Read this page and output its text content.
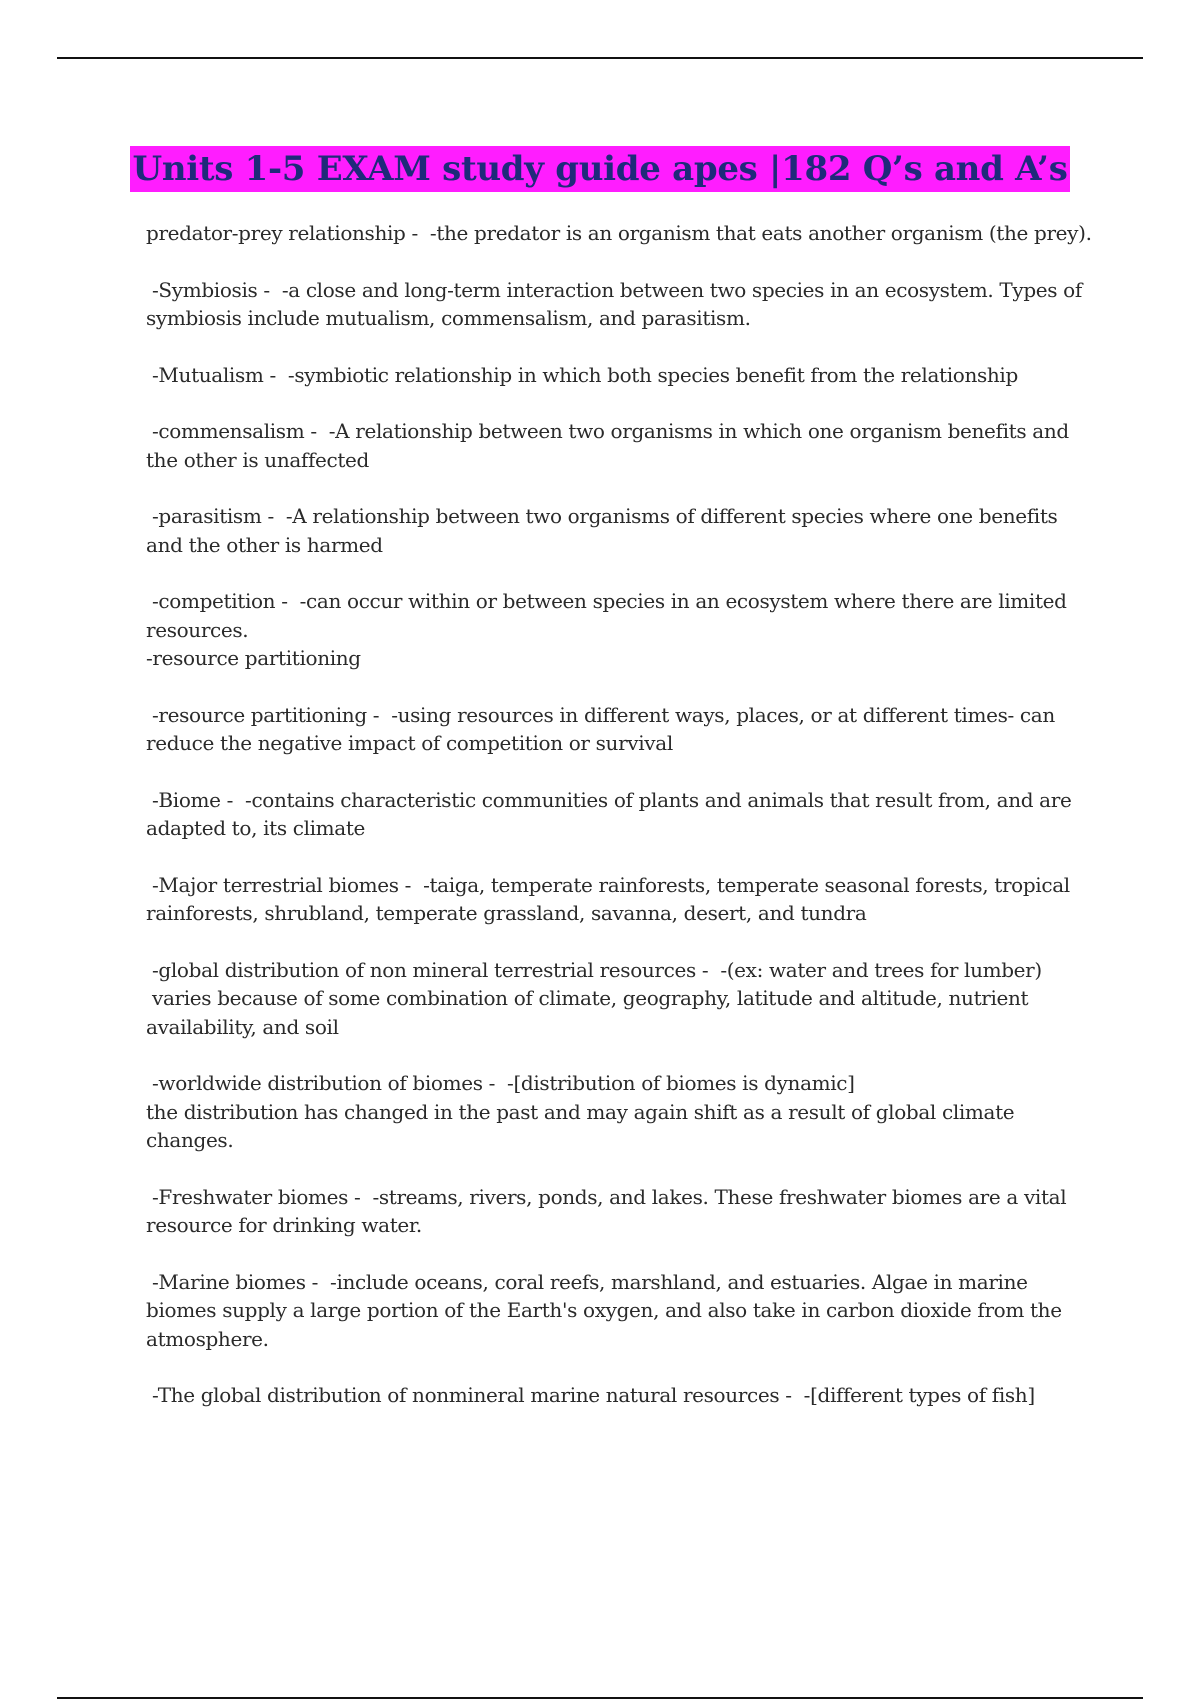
Units 1-5 EXAM study guide apes |182 Q’s and A’s

predator-prey relationship -  -the predator is an organism that eats another organism (the prey).

-Symbiosis -  -a close and long-term interaction between two species in an ecosystem. Types of symbiosis include mutualism, commensalism, and parasitism.

-Mutualism -  -symbiotic relationship in which both species benefit from the relationship

-commensalism -  -A relationship between two organisms in which one organism benefits and the other is unaffected

-parasitism -  -A relationship between two organisms of different species where one benefits and the other is harmed

-competition -  -can occur within or between species in an ecosystem where there are limited resources.
-resource partitioning

-resource partitioning -  -using resources in different ways, places, or at different times- can reduce the negative impact of competition or survival

-Biome -  -contains characteristic communities of plants and animals that result from, and are adapted to, its climate

-Major terrestrial biomes -  -taiga, temperate rainforests, temperate seasonal forests, tropical rainforests, shrubland, temperate grassland, savanna, desert, and tundra

-global distribution of non mineral terrestrial resources -  -(ex: water and trees for lumber)
varies because of some combination of climate, geography, latitude and altitude, nutrient availability, and soil

-worldwide distribution of biomes -  -[distribution of biomes is dynamic]
the distribution has changed in the past and may again shift as a result of global climate changes.

-Freshwater biomes -  -streams, rivers, ponds, and lakes. These freshwater biomes are a vital resource for drinking water.

-Marine biomes -  -include oceans, coral reefs, marshland, and estuaries. Algae in marine biomes supply a large portion of the Earth's oxygen, and also take in carbon dioxide from the atmosphere.

-The global distribution of nonmineral marine natural resources -  -[different types of fish]
